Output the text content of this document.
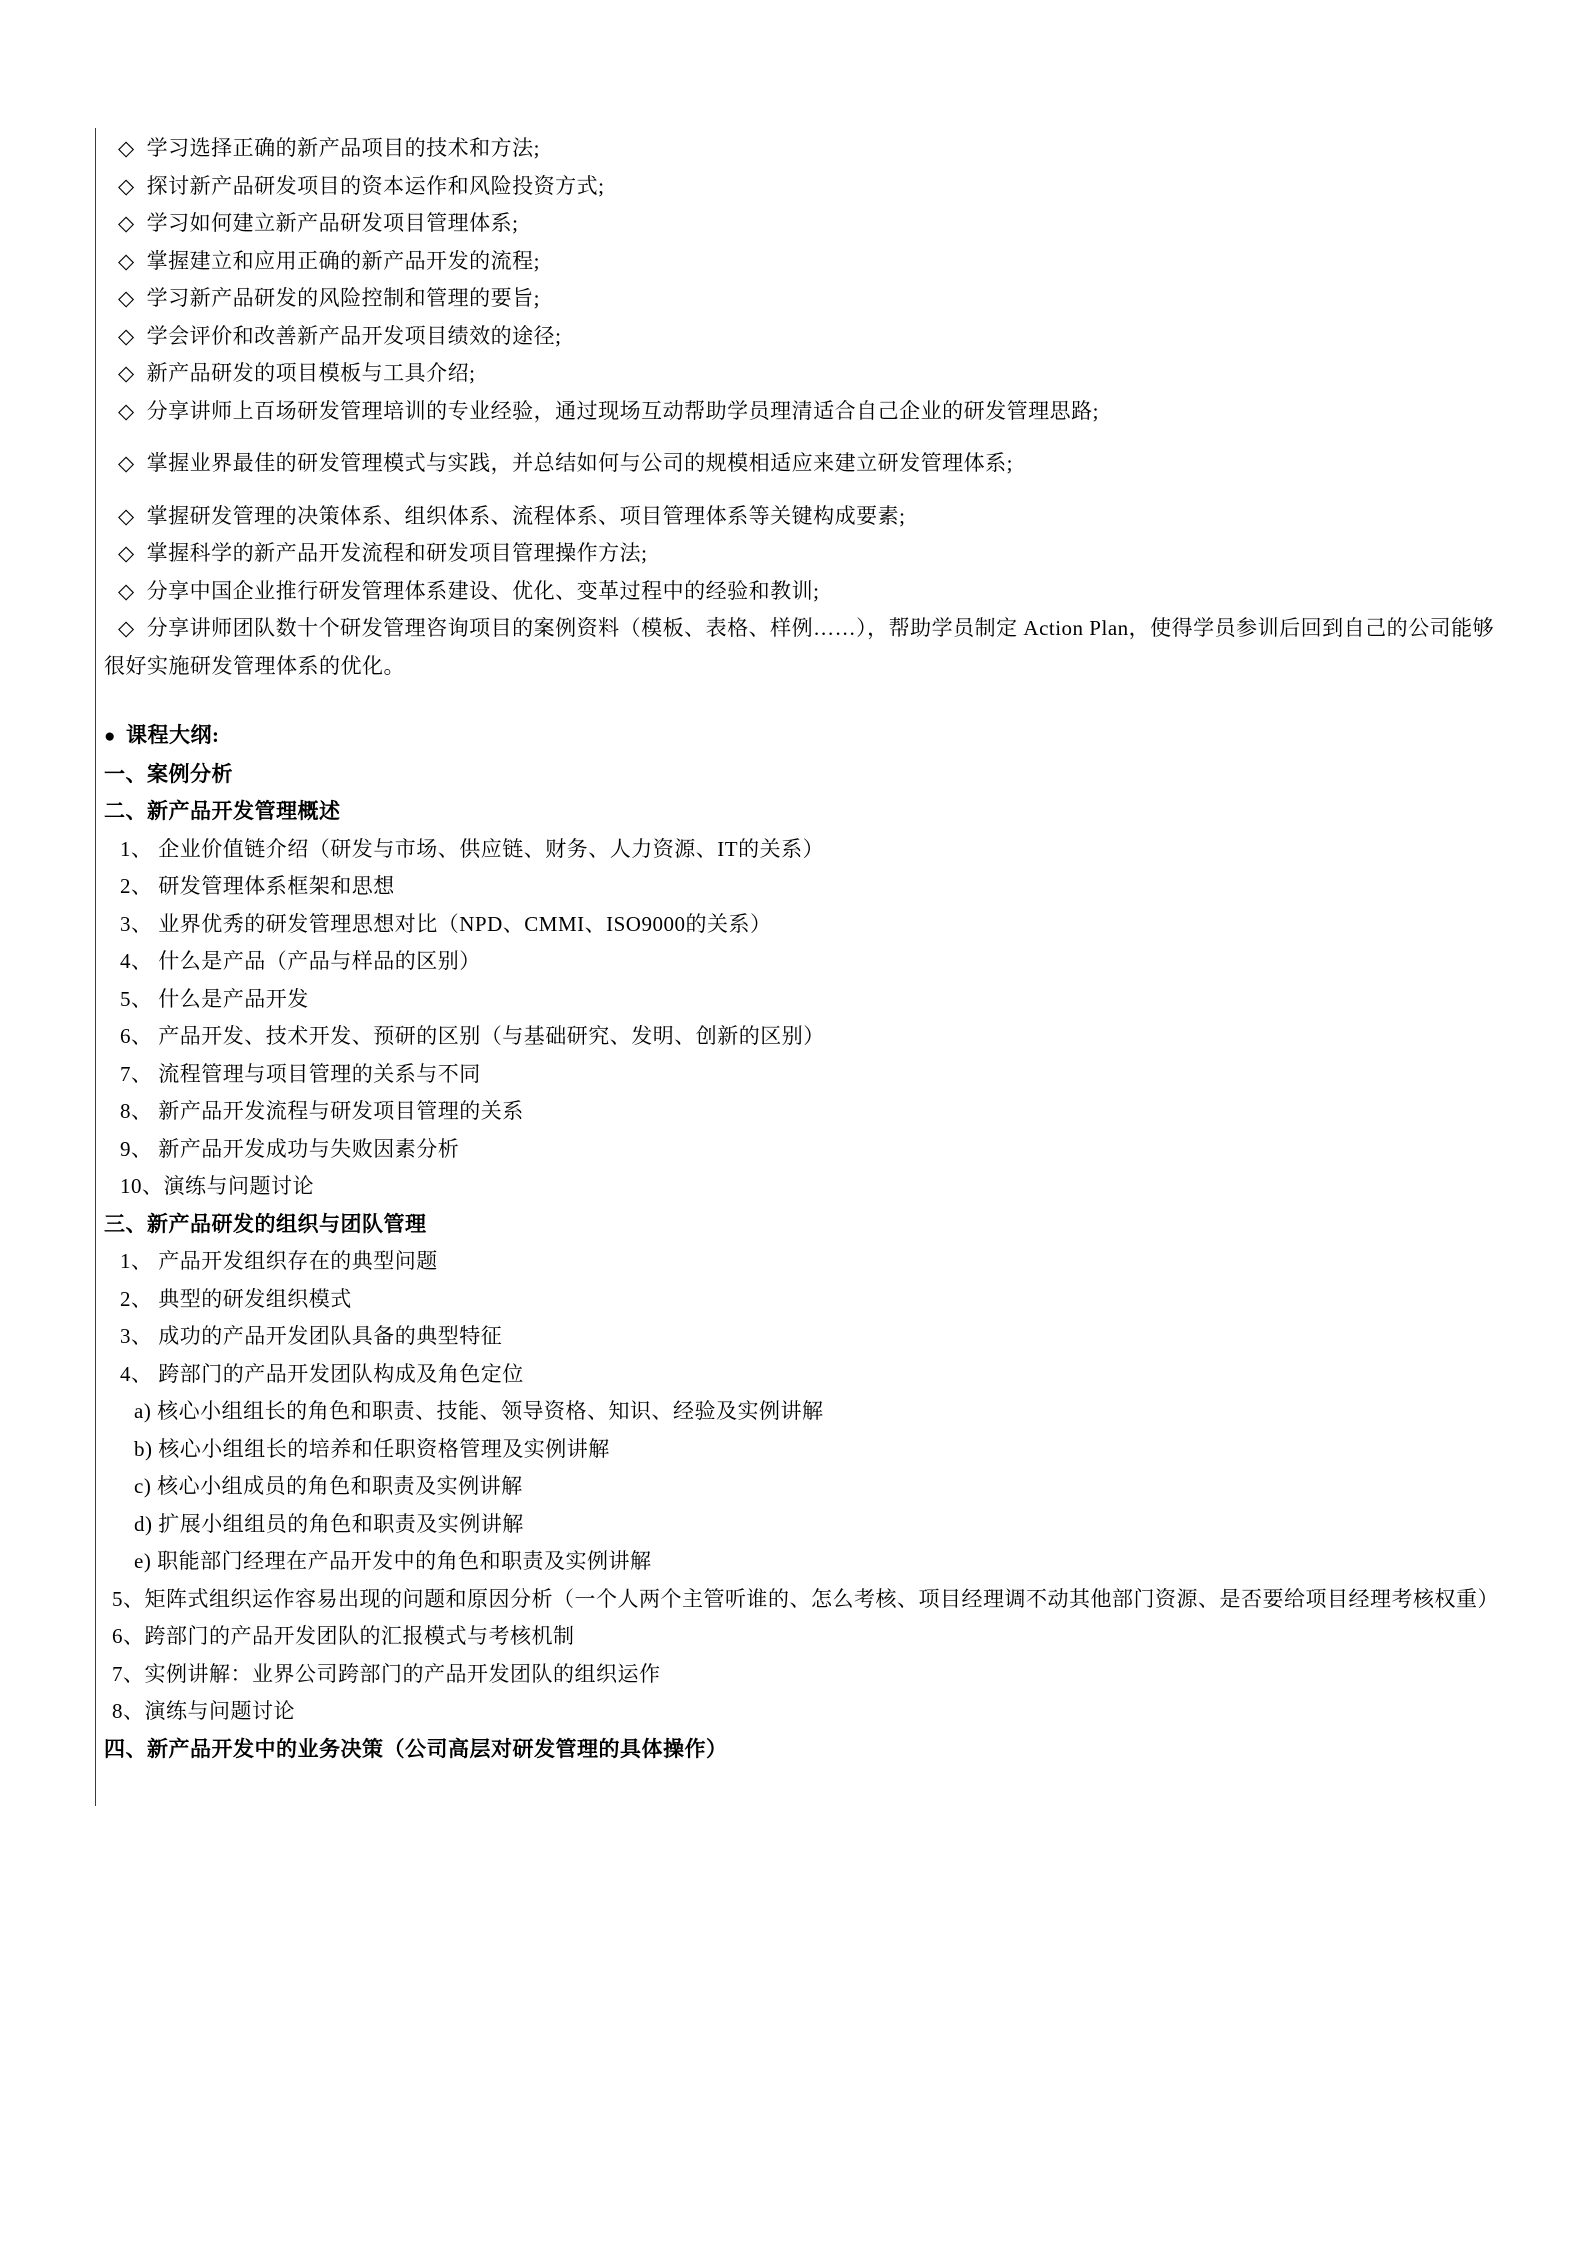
◇ 学习选择正确的新产品项目的技术和方法;
◇ 探讨新产品研发项目的资本运作和风险投资方式;
◇ 学习如何建立新产品研发项目管理体系;
◇ 掌握建立和应用正确的新产品开发的流程;
◇ 学习新产品研发的风险控制和管理的要旨;
◇ 学会评价和改善新产品开发项目绩效的途径;
◇ 新产品研发的项目模板与工具介绍;
◇ 分享讲师上百场研发管理培训的专业经验，通过现场互动帮助学员理清适合自己企业的研发管理思路;
◇ 掌握业界最佳的研发管理模式与实践，并总结如何与公司的规模相适应来建立研发管理体系;
◇ 掌握研发管理的决策体系、组织体系、流程体系、项目管理体系等关键构成要素;
◇ 掌握科学的新产品开发流程和研发项目管理操作方法;
◇ 分享中国企业推行研发管理体系建设、优化、变革过程中的经验和教训;
◇ 分享讲师团队数十个研发管理咨询项目的案例资料（模板、表格、样例……），帮助学员制定 Action Plan，使得学员参训后回到自己的公司能够很好实施研发管理体系的优化。
● 课程大纲:
一、案例分析
二、新产品开发管理概述
1、 企业价值链介绍（研发与市场、供应链、财务、人力资源、IT的关系）
2、 研发管理体系框架和思想
3、 业界优秀的研发管理思想对比（NPD、CMMI、ISO9000的关系）
4、 什么是产品（产品与样品的区别）
5、 什么是产品开发
6、 产品开发、技术开发、预研的区别（与基础研究、发明、创新的区别）
7、 流程管理与项目管理的关系与不同
8、 新产品开发流程与研发项目管理的关系
9、 新产品开发成功与失败因素分析
10、演练与问题讨论
三、新产品研发的组织与团队管理
1、 产品开发组织存在的典型问题
2、 典型的研发组织模式
3、 成功的产品开发团队具备的典型特征
4、 跨部门的产品开发团队构成及角色定位
a) 核心小组组长的角色和职责、技能、领导资格、知识、经验及实例讲解
b) 核心小组组长的培养和任职资格管理及实例讲解
c) 核心小组成员的角色和职责及实例讲解
d) 扩展小组组员的角色和职责及实例讲解
e) 职能部门经理在产品开发中的角色和职责及实例讲解
5、矩阵式组织运作容易出现的问题和原因分析（一个人两个主管听谁的、怎么考核、项目经理调不动其他部门资源、是否要给项目经理考核权重）
6、跨部门的产品开发团队的汇报模式与考核机制
7、实例讲解：业界公司跨部门的产品开发团队的组织运作
8、演练与问题讨论
四、新产品开发中的业务决策（公司高层对研发管理的具体操作）
